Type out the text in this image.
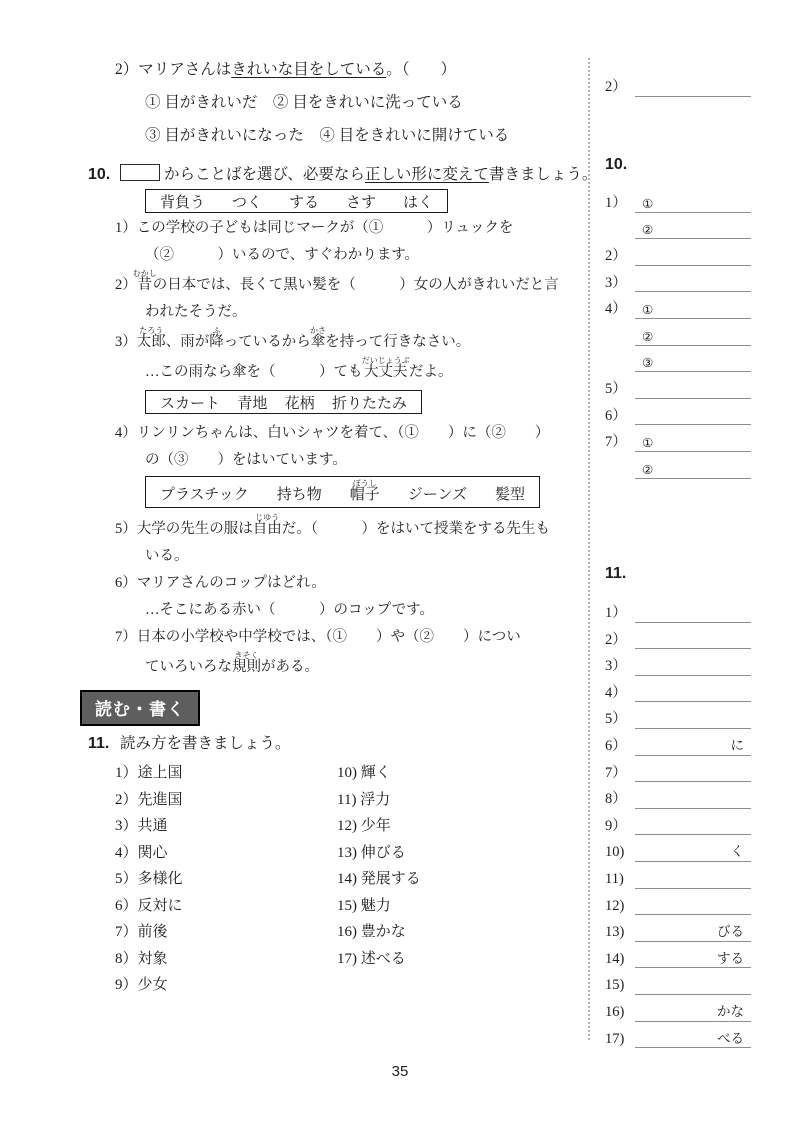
2）マリアさんはきれいな目をしている。（　　）
① 目がきれいだ　② 目をきれいに洗っている
③ 目がきれいになった　④ 目をきれいに開けている
10.	からことばを選び、必要なら正しい形に変えて書きましょう。
背負う つく する さす はく
1）この学校の子どもは同じマークが（①　　　）リュックを
（②　　　）いるので、すぐわかります。
2）昔むかしの日本では、長くて黒い髪を（　　　）女の人がきれいだと言
われたそうだ。
3）太郎たろう、雨が降ふっているから傘かさを持って行きなさい。
…この雨なら傘を（　　　）ても大丈夫だいじょうぶだよ。
スカート 青地 花柄 折りたたみ
4）リンリンちゃんは、白いシャツを着て、（①　　）に（②　　）
の（③　　）をはいています。
プラスチック 持ち物 帽子ぼうし
ジーンズ 髪型
5）大学の先生の服は自由じゆうだ。（　　　）をはいて授業をする先生も
いる。
6）マリアさんのコップはどれ。
…そこにある赤い（　　　）のコップです。
7）日本の小学校や中学校では、（①　　）や（②　　）につい
ていろいろな規則きそくがある。
読む・書く
11. 読み方を書きましょう。
1）途上国
2）先進国
3）共通
4）関心
5）多様化
6）反対に
7）前後
8）対象
9）少女
10) 輝く
11) 浮力
12) 少年
13) 伸びる
14) 発展する
15) 魅力
16) 豊かな
17) 述べる
2）
10.
1）	①
②
2）
3）
4）	①
②
③
5）
6）
7）	①
②
11.
1）
2）
3）
4）
5）
6）	に
7）
8）
9）
10)	く
11)
12)
13)	びる
14)	する
15)
16)	かな
17)	べる
35
